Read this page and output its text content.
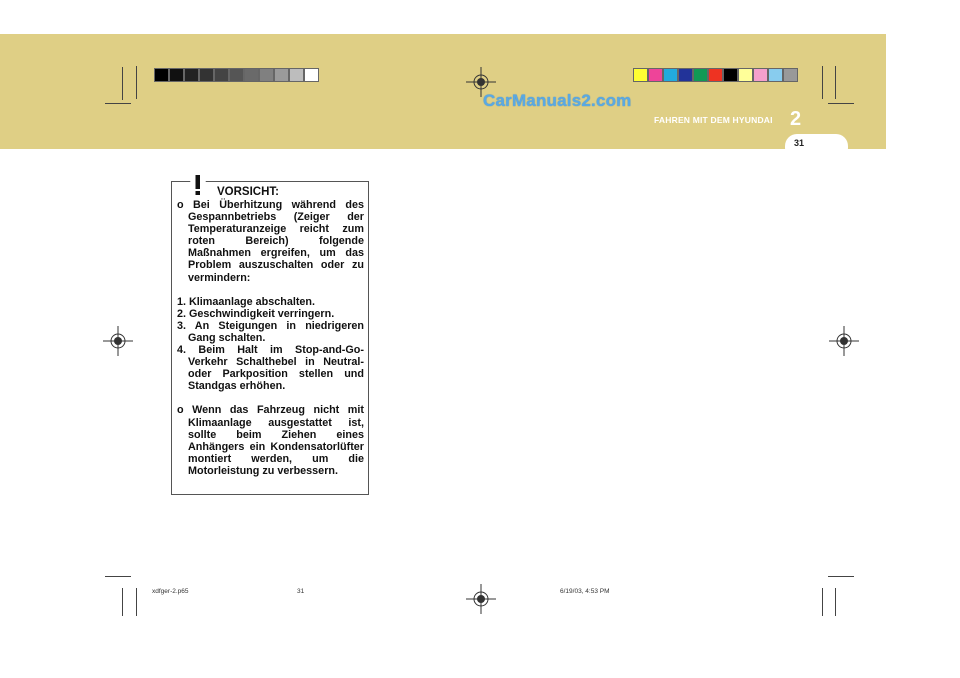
CarManuals2.com
FAHREN MIT DEM HYUNDAI 2
31
VORSICHT:

o Bei Überhitzung während des Gespannbetriebs (Zeiger der Temperaturanzeige reicht zum roten Bereich) folgende Maßnahmen ergreifen, um das Problem auszuschalten oder zu vermindern:

1. Klimaanlage abschalten.

2. Geschwindigkeit verringern.

3. An Steigungen in niedrigeren Gang schalten.

4. Beim Halt im Stop-and-Go-Verkehr Schalthebel in Neutral- oder Parkposition stellen und Standgas erhöhen.

o Wenn das Fahrzeug nicht mit Klimaanlage ausgestattet ist, sollte beim Ziehen eines Anhängers ein Kondensatorlüfter montiert werden, um die Motorleistung zu verbessern.

xdfger-2.p65	31	6/19/03, 4:53 PM
